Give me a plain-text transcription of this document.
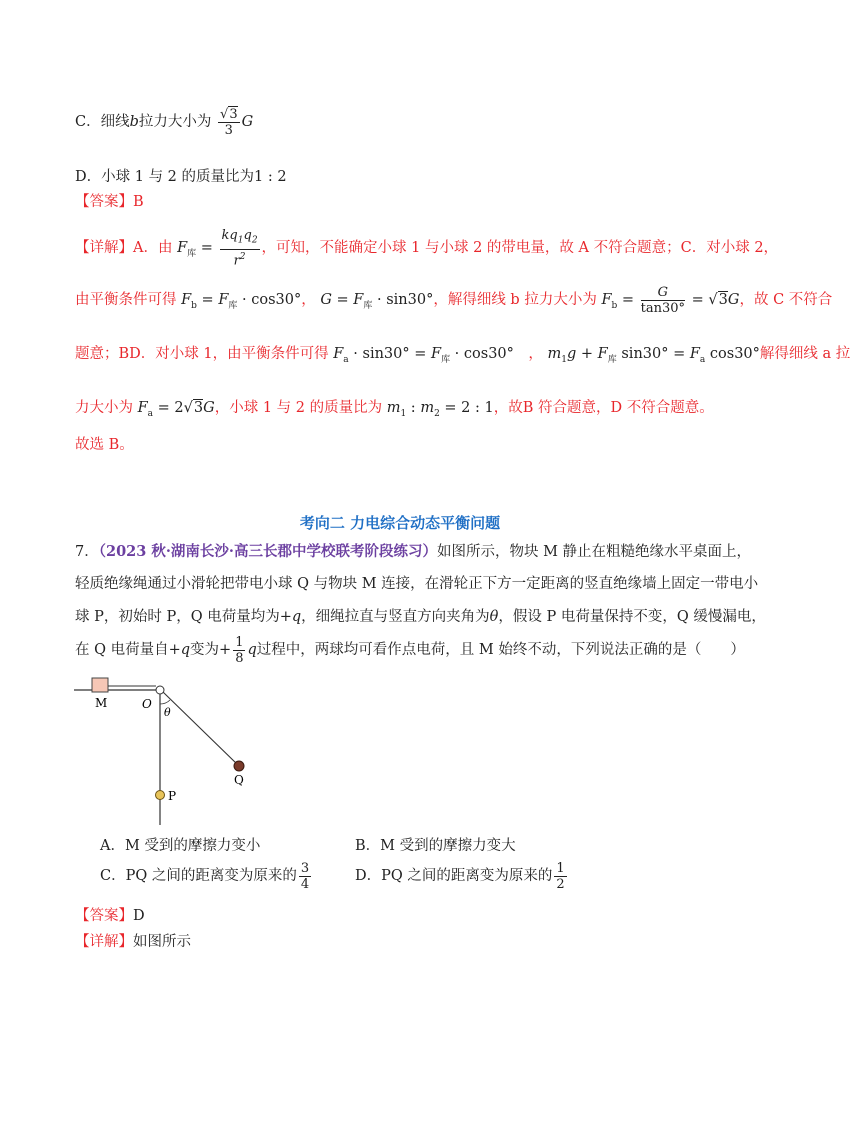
C．细线b拉力大小为 $\frac{√3}{3}$ G
D．小球 1 与 2 的质量比为1 : 2
【答案】B
【详解】A．由 $F_库 = \frac{kq_1q_2}{r^2}$ ，可知，不能确定小球 1 与小球 2 的带电量，故 A 不符合题意；C．对小球 2，
由平衡条件可得 $F_b = F_库 \cdot \cos 30^\circ$， $G = F_库 \cdot \sin 30^\circ$，解得细线 b 拉力大小为 $F_b = \frac{G}{\tan 30^\circ} = √3G$，故 C 不符合
题意；BD．对小球 1，由平衡条件可得 $F_a \cdot \sin 30^\circ = F_库 \cdot \cos 30^\circ$　， $m_1g + F_库$ $\sin 30^\circ = F_a$ cos30°解得细线 a 拉
力大小为 $F_a = 2√3G$，小球 1 与 2 的质量比为 $m_1$ : $m_2 = 2$ : 1，故B 符合题意，D 不符合题意。
故选 B。
考向二 力电综合动态平衡问题
7．（2023 秋·湖南长沙·高三长郡中学校联考阶段练习）如图所示，物块 M 静止在粗糙绝缘水平桌面上，
轻质绝缘绳通过小滑轮把带电小球 Q 与物块 M 连接，在滑轮正下方一定距离的竖直绝缘墙上固定一带电小
球 P，初始时 P，Q 电荷量均为+q，细绳拉直与竖直方向夹角为θ，假设 P 电荷量保持不变，Q 缓慢漏电，
在 Q 电荷量自+q变为+ $\frac{1}{8}$ q过程中，两球均可看作点电荷，且 M 始终不动，下列说法正确的是（　　）
M	O
θ
Q
P
A．M 受到的摩擦力变小	B．M 受到的摩擦力变大
C．PQ 之间的距离变为原来的 $\frac{3}{4}$	D．PQ 之间的距离变为原来的 $\frac{1}{2}$
【答案】D
【详解】如图所示
